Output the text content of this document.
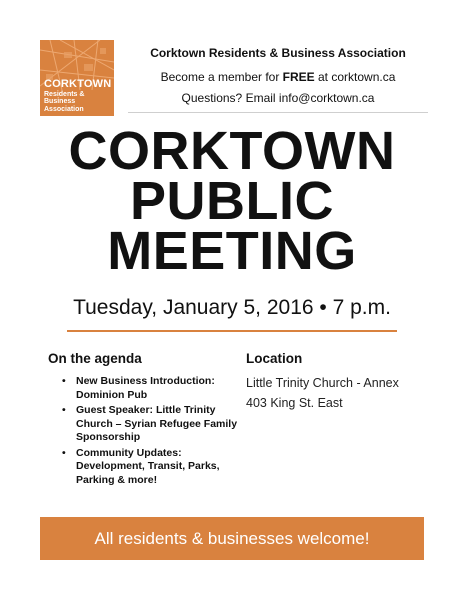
CORKTOWN
Residents & Business
Association
Corktown Residents & Business Association
Become a member for FREE at corktown.ca
Questions? Email info@corktown.ca
CORKTOWN
PUBLIC
MEETING
Tuesday, January 5, 2016 • 7 p.m.
On the agenda
• New Business Introduction: Dominion Pub
• Guest Speaker: Little Trinity Church – Syrian Refugee Family Sponsorship
• Community Updates: Development, Transit, Parks, Parking & more!
Location
Little Trinity Church - Annex
403 King St. East
All residents & businesses welcome!
